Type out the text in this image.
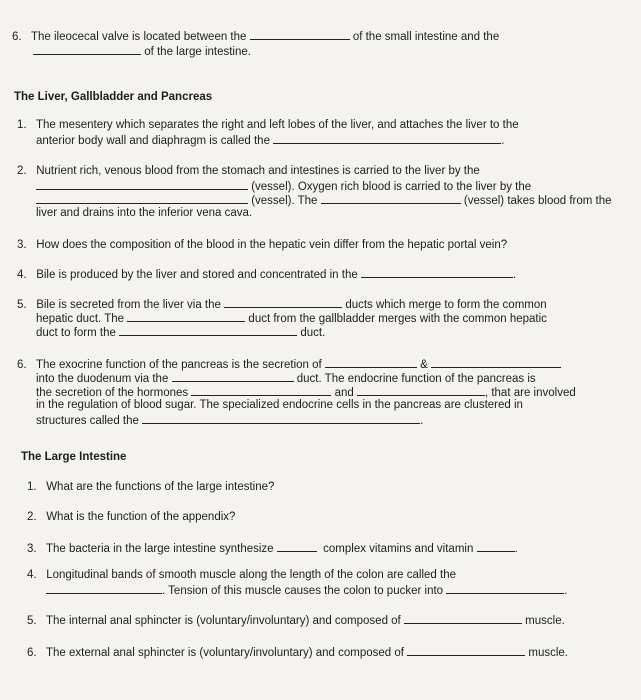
6. The ileocecal valve is located between the	of the small intestine and the
of the large intestine.
The Liver, Gallbladder and Pancreas
1. The mesentery which separates the right and left lobes of the liver, and attaches the liver to the
anterior body wall and diaphragm is called the	.
2. Nutrient rich, venous blood from the stomach and intestines is carried to the liver by the
(vessel). Oxygen rich blood is carried to the liver by the
(vessel). The	(vessel) takes blood from the
liver and drains into the inferior vena cava.
3. How does the composition of the blood in the hepatic vein differ from the hepatic portal vein?
4. Bile is produced by the liver and stored and concentrated in the	.
5. Bile is secreted from the liver via the	ducts which merge to form the common
hepatic duct. The	duct from the gallbladder merges with the common hepatic
duct to form the	duct.
6. The exocrine function of the pancreas is the secretion of	&
into the duodenum via the	duct. The endocrine function of the pancreas is
the secretion of the hormones	and	, that are involved
in the regulation of blood sugar. The specialized endocrine cells in the pancreas are clustered in
structures called the	.
The Large Intestine
1. What are the functions of the large intestine?
2. What is the function of the appendix?
3. The bacteria in the large intestine synthesize	complex vitamins and vitamin	.
4. Longitudinal bands of smooth muscle along the length of the colon are called the
. Tension of this muscle causes the colon to pucker into	.
5. The internal anal sphincter is (voluntary/involuntary) and composed of	muscle.
6. The external anal sphincter is (voluntary/involuntary) and composed of	muscle.
